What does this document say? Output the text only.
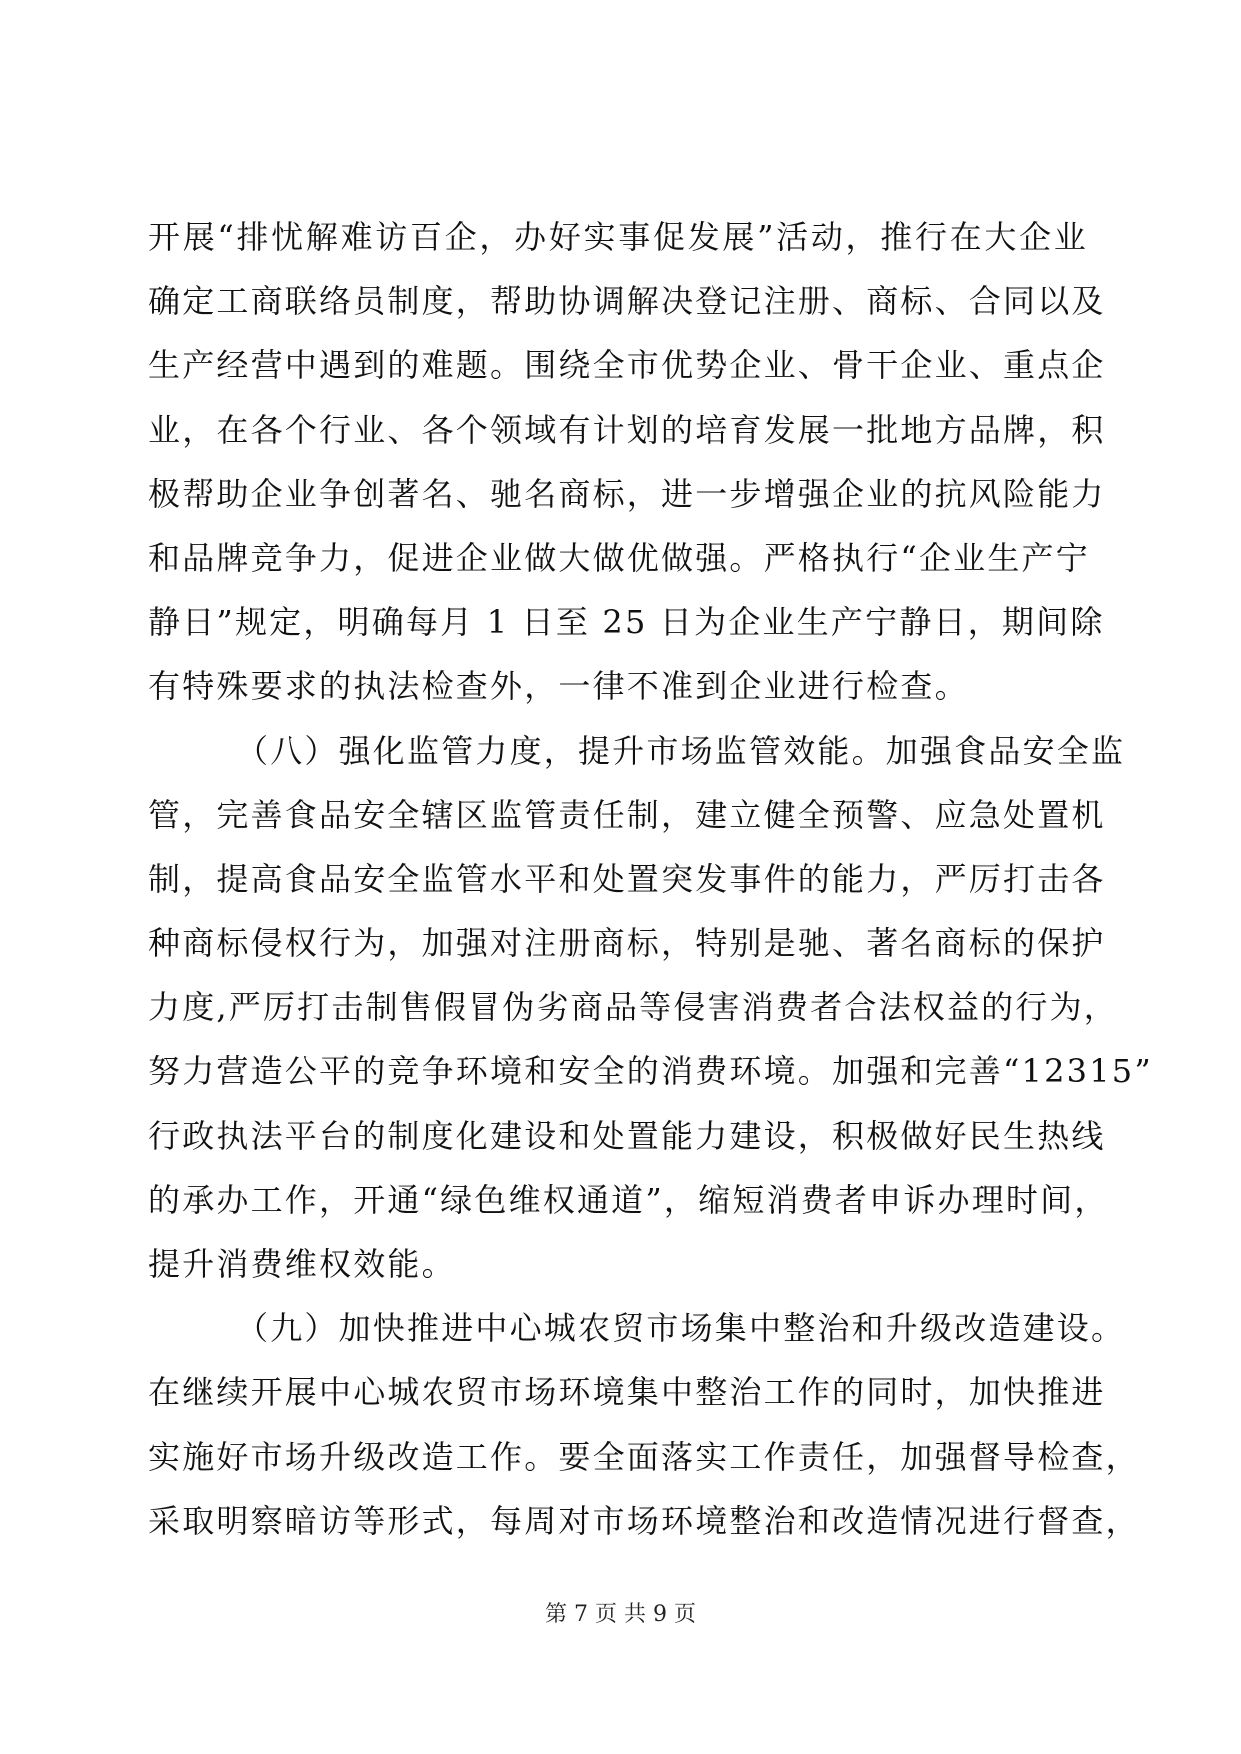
开展“排忧解难访百企，办好实事促发展”活动，推行在大企业
确定工商联络员制度，帮助协调解决登记注册、商标、合同以及
生产经营中遇到的难题。围绕全市优势企业、骨干企业、重点企
业，在各个行业、各个领域有计划的培育发展一批地方品牌，积
极帮助企业争创著名、驰名商标，进一步增强企业的抗风险能力
和品牌竞争力，促进企业做大做优做强。严格执行“企业生产宁
静日”规定，明确每月 1 日至 25 日为企业生产宁静日，期间除
有特殊要求的执法检查外，一律不准到企业进行检查。
（八）强化监管力度，提升市场监管效能。加强食品安全监
管，完善食品安全辖区监管责任制，建立健全预警、应急处置机
制，提高食品安全监管水平和处置突发事件的能力，严厉打击各
种商标侵权行为，加强对注册商标，特别是驰、著名商标的保护
力度,严厉打击制售假冒伪劣商品等侵害消费者合法权益的行为，
努力营造公平的竞争环境和安全的消费环境。加强和完善“12315”
行政执法平台的制度化建设和处置能力建设，积极做好民生热线
的承办工作，开通“绿色维权通道”，缩短消费者申诉办理时间，
提升消费维权效能。
（九）加快推进中心城农贸市场集中整治和升级改造建设。
在继续开展中心城农贸市场环境集中整治工作的同时，加快推进
实施好市场升级改造工作。要全面落实工作责任，加强督导检查，
采取明察暗访等形式，每周对市场环境整治和改造情况进行督查，
第 7 页 共 9 页
